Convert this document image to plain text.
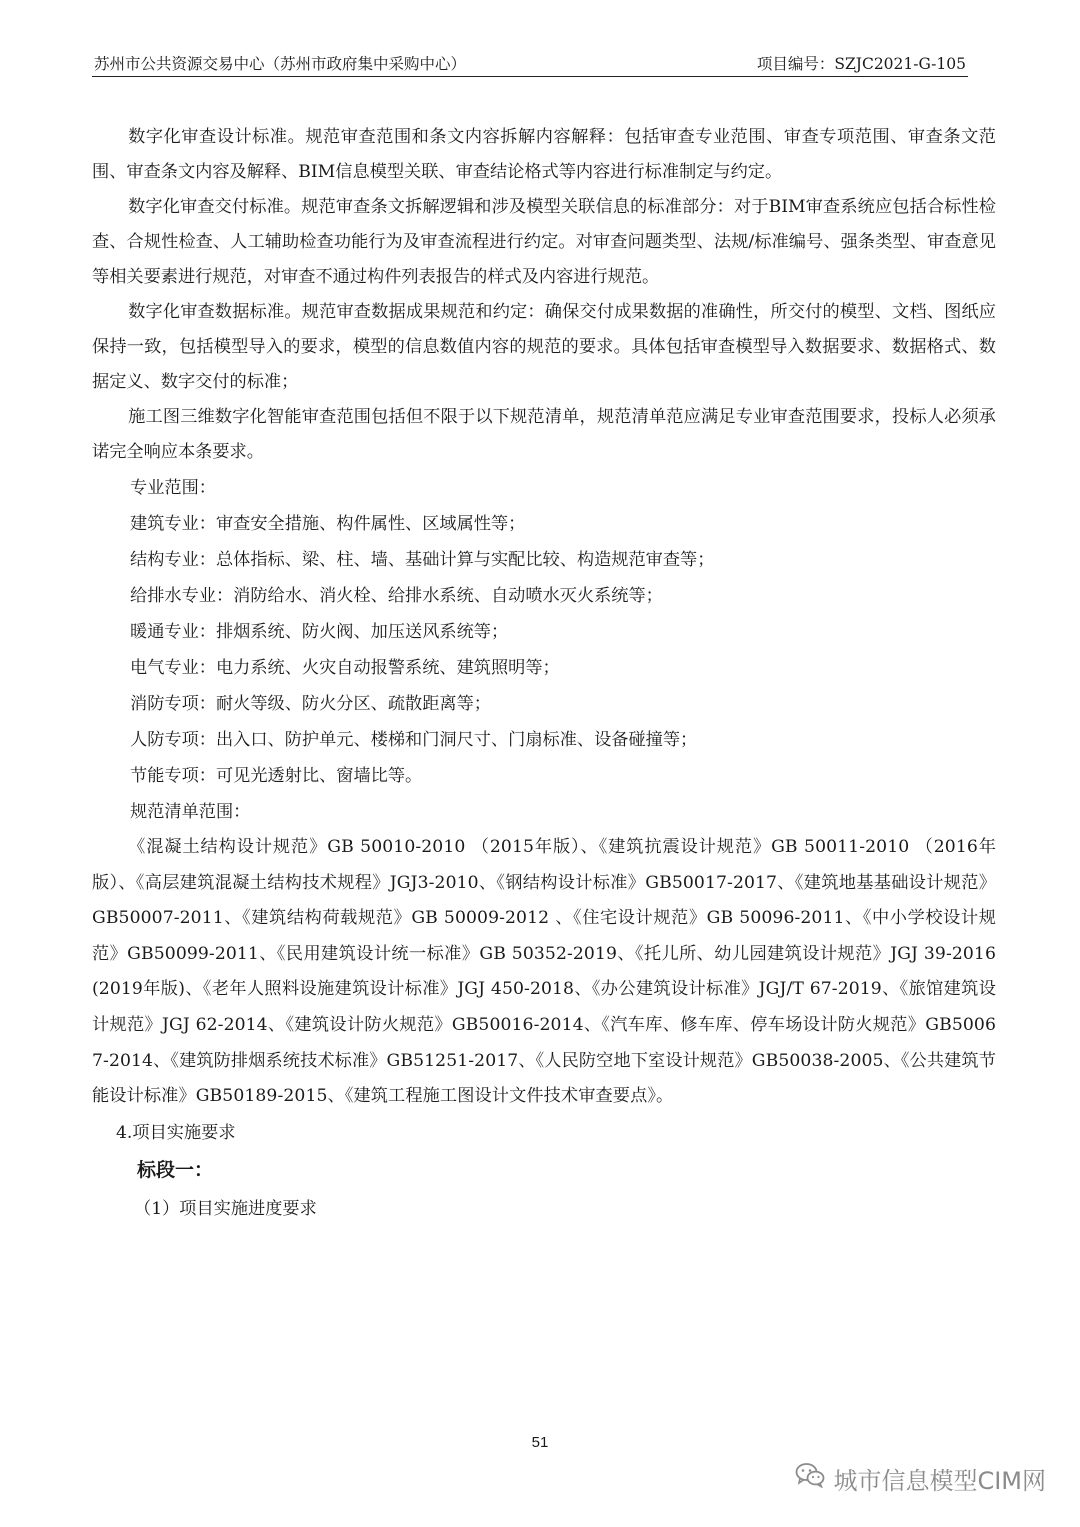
苏州市公共资源交易中心（苏州市政府集中采购中心）	项目编号：SZJC2021-G-105

数字化审查设计标准。规范审查范围和条文内容拆解内容解释：包括审查专业范围、审查专项范围、审查条文范围、审查条文内容及解释、BIM信息模型关联、审查结论格式等内容进行标准制定与约定。

数字化审查交付标准。规范审查条文拆解逻辑和涉及模型关联信息的标准部分：对于BIM审查系统应包括合标性检查、合规性检查、人工辅助检查功能行为及审查流程进行约定。对审查问题类型、法规/标准编号、强条类型、审查意见等相关要素进行规范，对审查不通过构件列表报告的样式及内容进行规范。

数字化审查数据标准。规范审查数据成果规范和约定：确保交付成果数据的准确性，所交付的模型、文档、图纸应保持一致，包括模型导入的要求，模型的信息数值内容的规范的要求。具体包括审查模型导入数据要求、数据格式、数据定义、数字交付的标准；

施工图三维数字化智能审查范围包括但不限于以下规范清单，规范清单范应满足专业审查范围要求，投标人必须承诺完全响应本条要求。

专业范围：

建筑专业：审查安全措施、构件属性、区域属性等；

结构专业：总体指标、梁、柱、墙、基础计算与实配比较、构造规范审查等；

给排水专业：消防给水、消火栓、给排水系统、自动喷水灭火系统等；

暖通专业：排烟系统、防火阀、加压送风系统等；

电气专业：电力系统、火灾自动报警系统、建筑照明等；

消防专项：耐火等级、防火分区、疏散距离等；

人防专项：出入口、防护单元、楼梯和门洞尺寸、门扇标准、设备碰撞等；

节能专项：可见光透射比、窗墙比等。

规范清单范围：

《混凝土结构设计规范》GB 50010-2010 （2015年版）、《建筑抗震设计规范》GB 50011-2010 （2016年版）、《高层建筑混凝土结构技术规程》JGJ3-2010、《钢结构设计标准》GB50017-2017、《建筑地基基础设计规范》GB50007-2011、《建筑结构荷载规范》GB 50009-2012 、《住宅设计规范》GB 50096-2011、《中小学校设计规范》GB50099-2011、《民用建筑设计统一标准》GB 50352-2019、《托儿所、幼儿园建筑设计规范》JGJ 39-2016(2019年版)、《老年人照料设施建筑设计标准》JGJ 450-2018、《办公建筑设计标准》JGJ/T 67-2019、《旅馆建筑设计规范》JGJ 62-2014、《建筑设计防火规范》GB50016-2014、《汽车库、修车库、停车场设计防火规范》GB50067-2014、《建筑防排烟系统技术标准》GB51251-2017、《人民防空地下室设计规范》GB50038-2005、《公共建筑节能设计标准》GB50189-2015、《建筑工程施工图设计文件技术审查要点》。

4.项目实施要求

标段一：

（1）项目实施进度要求

51
城市信息模型CIM网
